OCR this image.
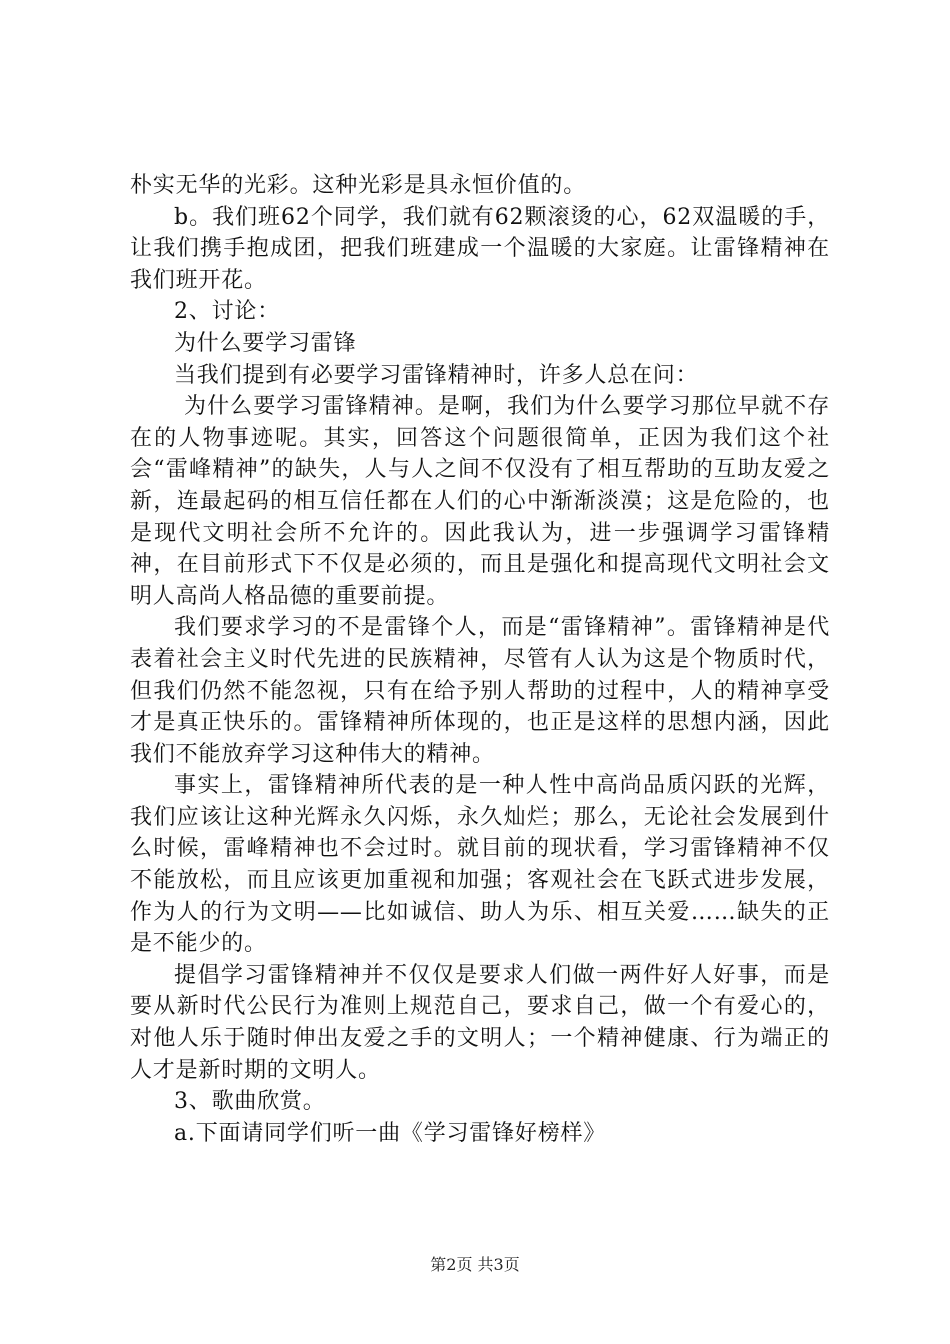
朴实无华的光彩。这种光彩是具永恒价值的。

b。我们班62个同学，我们就有62颗滚烫的心，62双温暖的手，让我们携手抱成团，把我们班建成一个温暖的大家庭。让雷锋精神在我们班开花。

2、讨论：

为什么要学习雷锋

当我们提到有必要学习雷锋精神时，许多人总在问：

为什么要学习雷锋精神。是啊，我们为什么要学习那位早就不存在的人物事迹呢。其实，回答这个问题很简单，正因为我们这个社会“雷峰精神”的缺失，人与人之间不仅没有了相互帮助的互助友爱之新，连最起码的相互信任都在人们的心中渐渐淡漠；这是危险的，也是现代文明社会所不允许的。因此我认为，进一步强调学习雷锋精神，在目前形式下不仅是必须的，而且是强化和提高现代文明社会文明人高尚人格品德的重要前提。

我们要求学习的不是雷锋个人，而是“雷锋精神”。雷锋精神是代表着社会主义时代先进的民族精神，尽管有人认为这是个物质时代，但我们仍然不能忽视，只有在给予别人帮助的过程中，人的精神享受才是真正快乐的。雷锋精神所体现的，也正是这样的思想内涵，因此我们不能放弃学习这种伟大的精神。

事实上，雷锋精神所代表的是一种人性中高尚品质闪跃的光辉，我们应该让这种光辉永久闪烁，永久灿烂；那么，无论社会发展到什么时候，雷峰精神也不会过时。就目前的现状看，学习雷锋精神不仅不能放松，而且应该更加重视和加强；客观社会在飞跃式进步发展，作为人的行为文明——比如诚信、助人为乐、相互关爱……缺失的正是不能少的。

提倡学习雷锋精神并不仅仅是要求人们做一两件好人好事，而是要从新时代公民行为准则上规范自己，要求自己，做一个有爱心的，对他人乐于随时伸出友爱之手的文明人；一个精神健康、行为端正的人才是新时期的文明人。

3、歌曲欣赏。

a.下面请同学们听一曲《学习雷锋好榜样》

第2页 共3页
